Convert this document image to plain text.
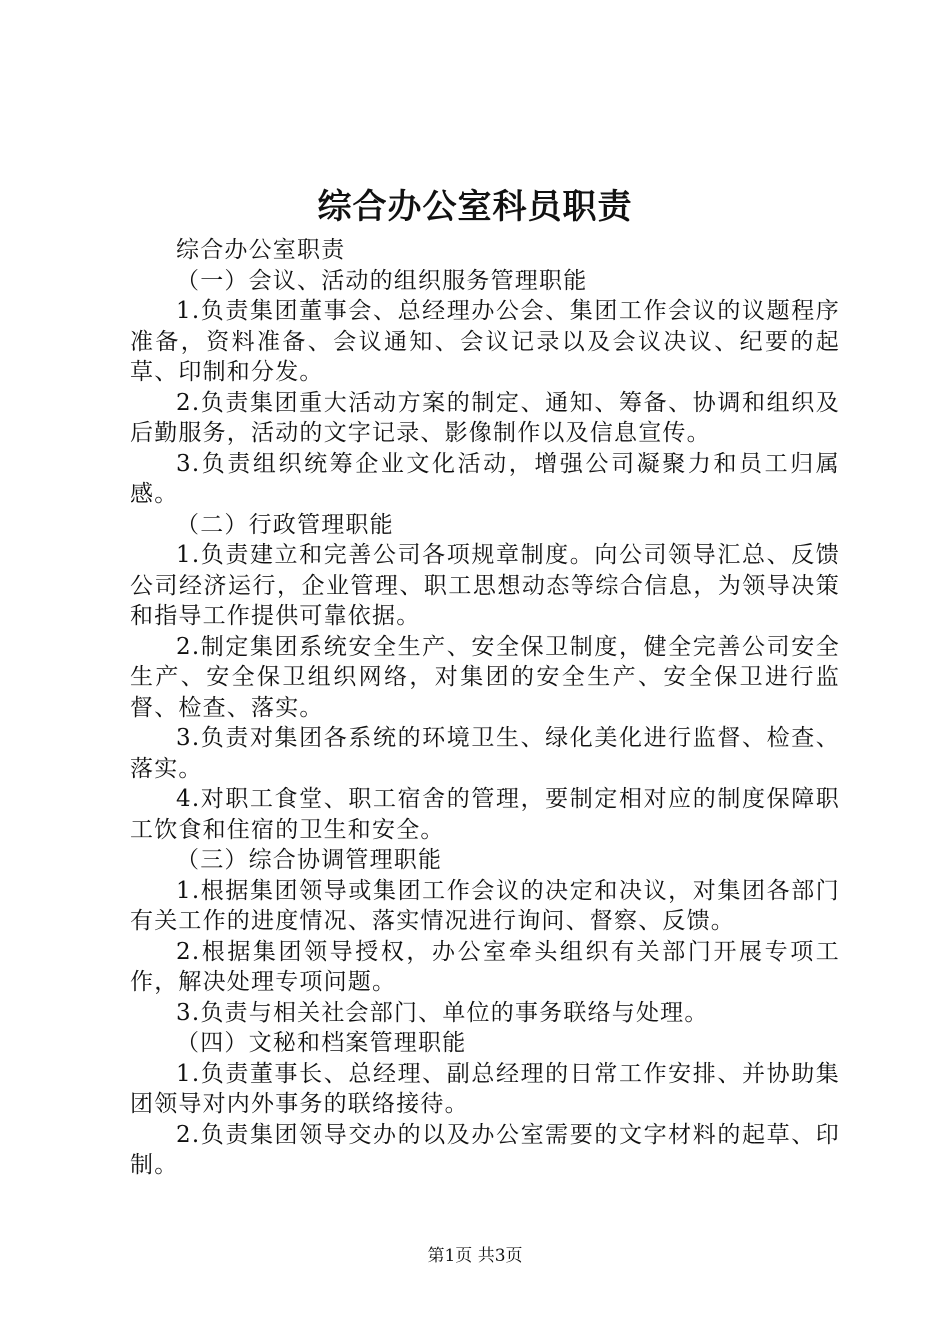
综合办公室科员职责

综合办公室职责

（一）会议、活动的组织服务管理职能

1.负责集团董事会、总经理办公会、集团工作会议的议题程序准备，资料准备、会议通知、会议记录以及会议决议、纪要的起草、印制和分发。

2.负责集团重大活动方案的制定、通知、筹备、协调和组织及后勤服务，活动的文字记录、影像制作以及信息宣传。

3.负责组织统筹企业文化活动，增强公司凝聚力和员工归属感。

（二）行政管理职能

1.负责建立和完善公司各项规章制度。向公司领导汇总、反馈公司经济运行，企业管理、职工思想动态等综合信息，为领导决策和指导工作提供可靠依据。

2.制定集团系统安全生产、安全保卫制度，健全完善公司安全生产、安全保卫组织网络，对集团的安全生产、安全保卫进行监督、检查、落实。

3.负责对集团各系统的环境卫生、绿化美化进行监督、检查、落实。

4.对职工食堂、职工宿舍的管理，要制定相对应的制度保障职工饮食和住宿的卫生和安全。

（三）综合协调管理职能

1.根据集团领导或集团工作会议的决定和决议，对集团各部门有关工作的进度情况、落实情况进行询问、督察、反馈。

2.根据集团领导授权，办公室牵头组织有关部门开展专项工作，解决处理专项问题。

3.负责与相关社会部门、单位的事务联络与处理。

（四）文秘和档案管理职能

1.负责董事长、总经理、副总经理的日常工作安排、并协助集团领导对内外事务的联络接待。

2.负责集团领导交办的以及办公室需要的文字材料的起草、印制。

第1页 共3页
